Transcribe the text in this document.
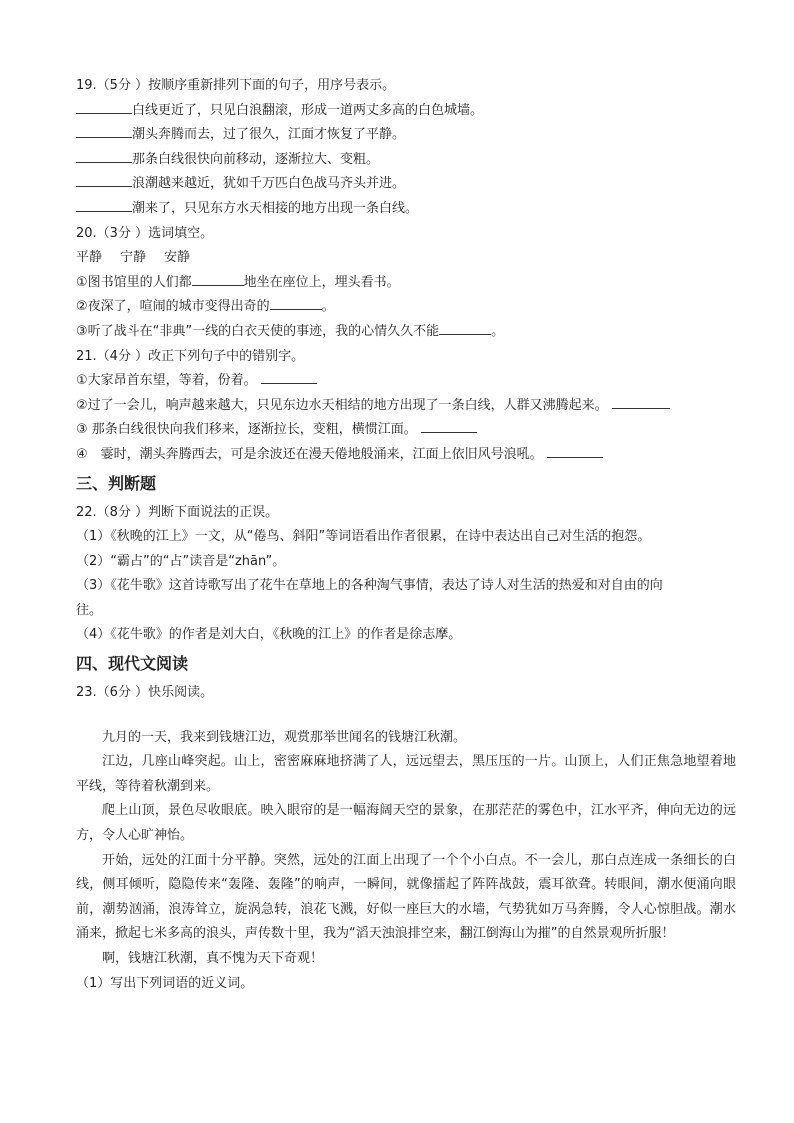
19.（5分 ）按顺序重新排列下面的句子，用序号表示。
白线更近了，只见白浪翻滚，形成一道两丈多高的白色城墙。
潮头奔腾而去，过了很久，江面才恢复了平静。
那条白线很快向前移动，逐渐拉大、变粗。
浪潮越来越近，犹如千万匹白色战马齐头并进。
潮来了，只见东方水天相接的地方出现一条白线。
20.（3分 ）选词填空。
平静 宁静 安静
①图书馆里的人们都	地坐在座位上，埋头看书。
②夜深了，喧闹的城市变得出奇的	。
③听了战斗在“非典”一线的白衣天使的事迹，我的心情久久不能	。
21.（4分 ）改正下列句子中的错别字。
①大家昂首东望，等着，份着。
②过了一会儿，响声越来越大，只见东边水天相结的地方出现了一条白线，人群又沸腾起来。
③ 那条白线很快向我们移来，逐渐拉长，变粗，横惯江面。
④　霎时，潮头奔腾西去，可是余波还在漫天倦地般涌来，江面上依旧风号浪吼。
三、判断题
22.（8分 ）判断下面说法的正误。
（1）《秋晚的江上》一文，从“倦鸟、斜阳”等词语看出作者很累，在诗中表达出自己对生活的抱怨。
（2）“霸占”的“占”读音是“zhān”。
（3）《花牛歌》这首诗歌写出了花牛在草地上的各种淘气事情，表达了诗人对生活的热爱和对自由的向
往。
（4）《花牛歌》的作者是刘大白，《秋晚的江上》的作者是徐志摩。
四、现代文阅读
23.（6分 ）快乐阅读。
九月的一天，我来到钱塘江边，观赏那举世闻名的钱塘江秋潮。
江边，几座山峰突起。山上，密密麻麻地挤满了人，远远望去，黑压压的一片。山顶上，人们正焦急地望着地平线，等待着秋潮到来。
爬上山顶，景色尽收眼底。映入眼帘的是一幅海阔天空的景象，在那茫茫的雾色中，江水平齐，伸向无边的远方，令人心旷神怡。
开始，远处的江面十分平静。突然，远处的江面上出现了一个个小白点。不一会儿，那白点连成一条细长的白线，侧耳倾听，隐隐传来“轰隆、轰隆”的响声，一瞬间，就像擂起了阵阵战鼓，震耳欲聋。转眼间，潮水便涌向眼前，潮势汹涌，浪涛耸立，旋涡急转，浪花飞溅，好似一座巨大的水墙，气势犹如万马奔腾，令人心惊胆战。潮水涌来，掀起七米多高的浪头，声传数十里，我为“滔天浊浪排空来，翻江倒海山为摧”的自然景观所折服！
啊，钱塘江秋潮，真不愧为天下奇观！
（1）写出下列词语的近义词。
